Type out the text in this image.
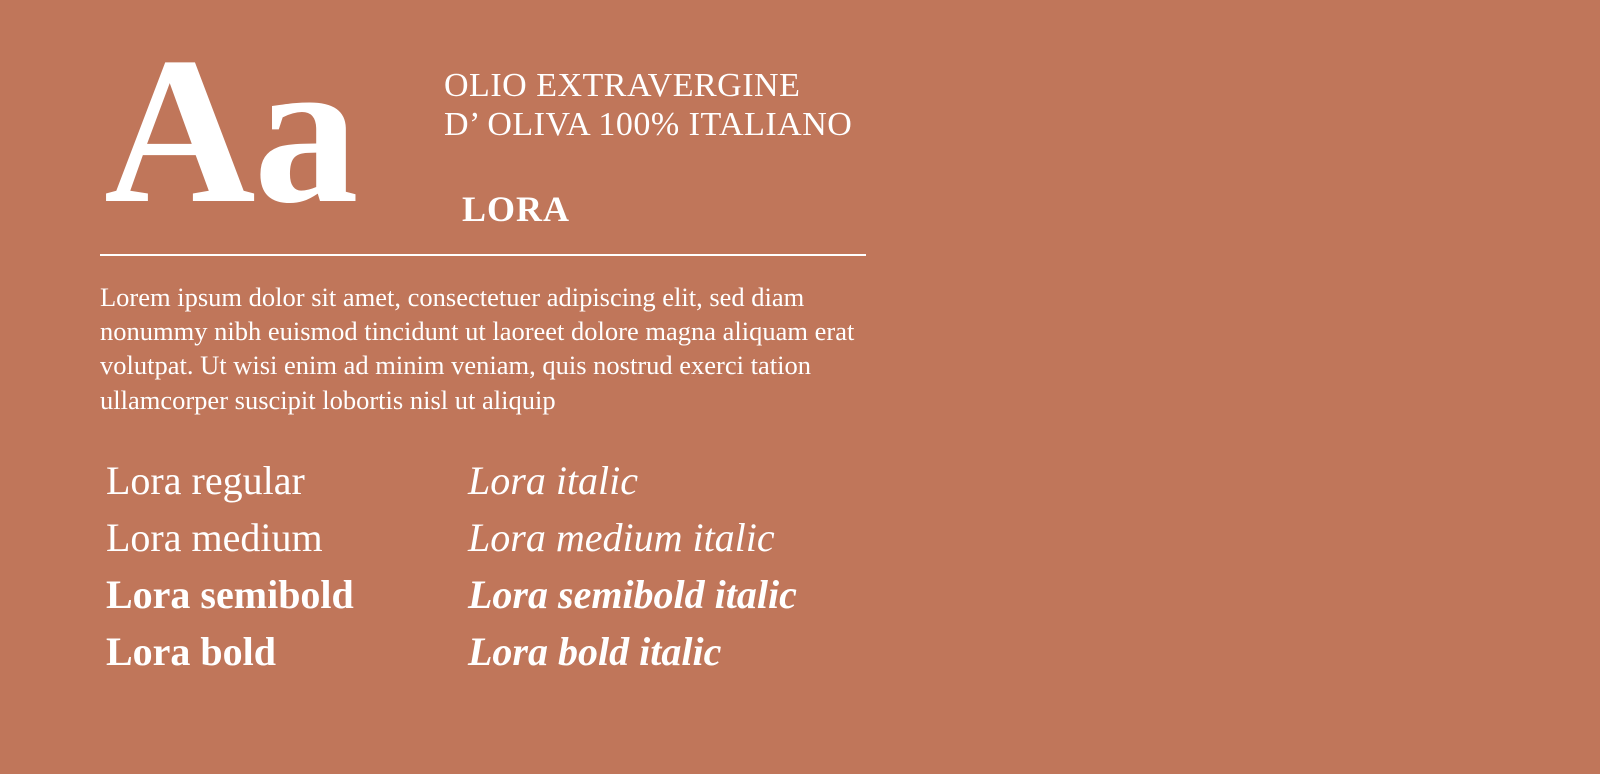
Aa	OLIO EXTRAVERGINE
D’ OLIVA 100% ITALIANO
LORA
Lorem ipsum dolor sit amet, consectetuer adipiscing elit, sed diam nonummy nibh euismod tincidunt ut laoreet dolore magna aliquam erat volutpat. Ut wisi enim ad minim veniam, quis nostrud exerci tation ullamcorper suscipit lobortis nisl ut aliquip
Lora regular
Lora medium
Lora semibold
Lora bold
Lora italic
Lora medium italic
Lora semibold italic
Lora bold italic
